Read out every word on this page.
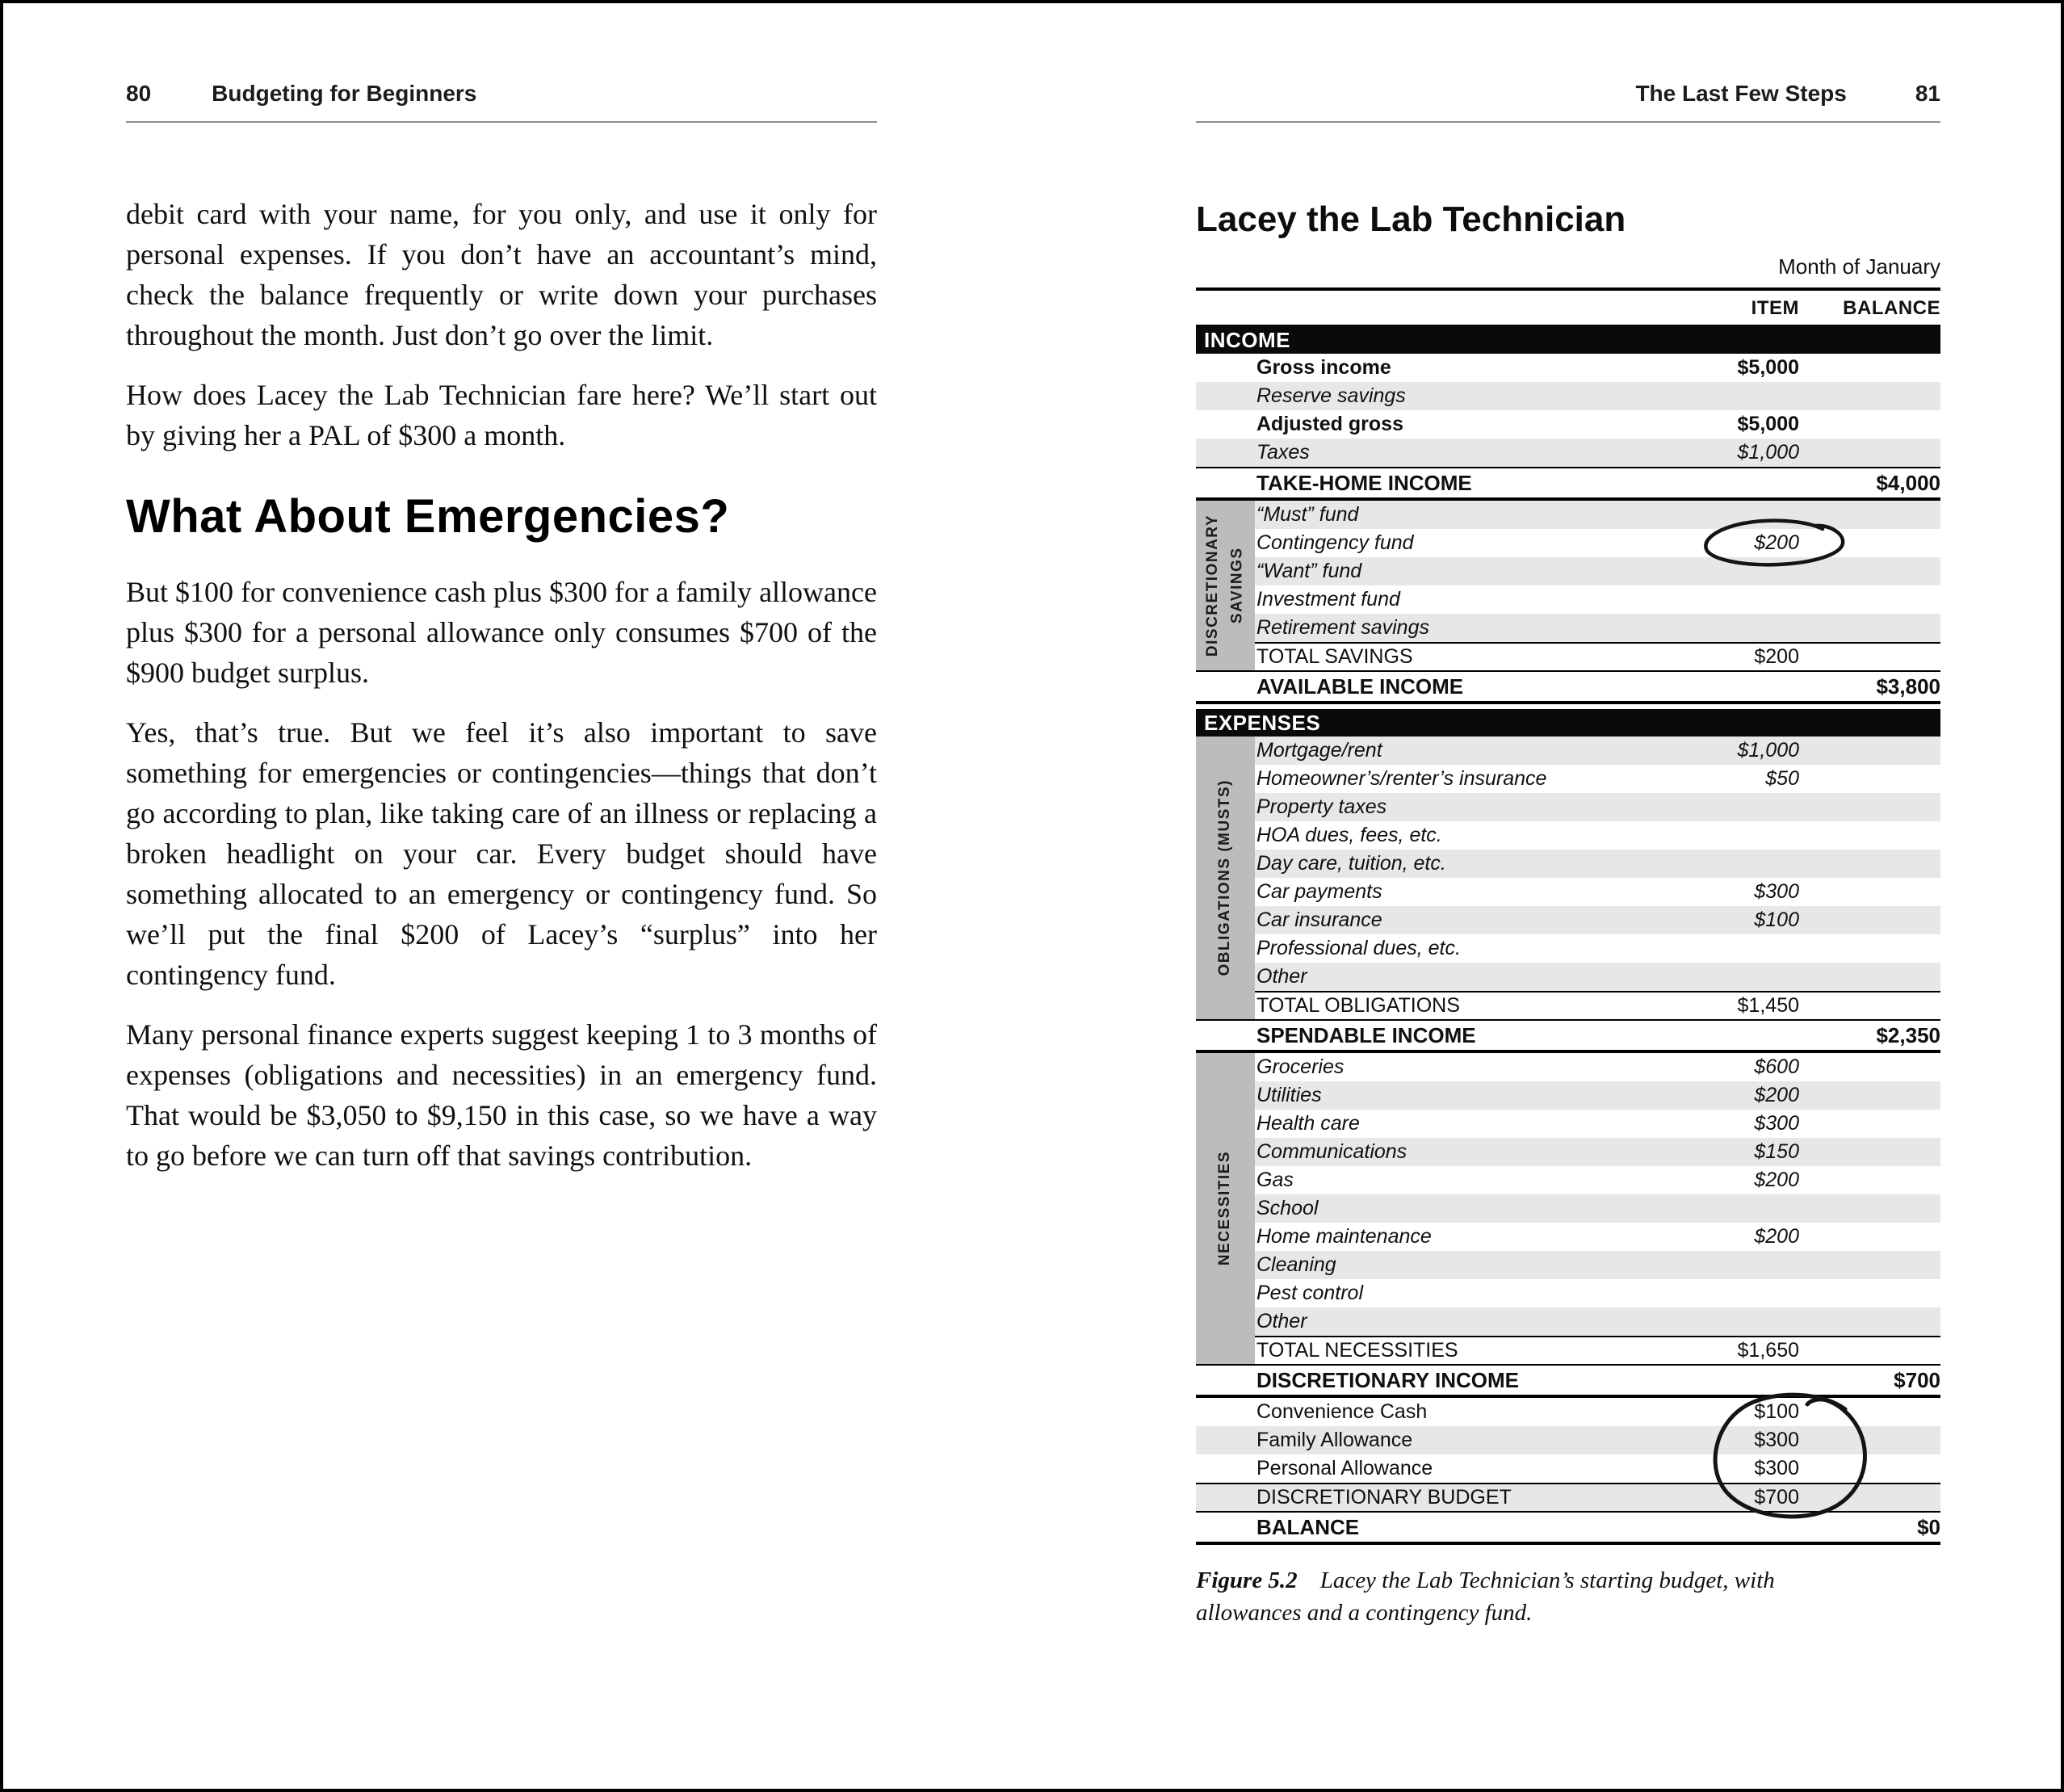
80	Budgeting for Beginners

debit card with your name, for you only, and use it only for personal expenses. If you don’t have an accountant’s mind, check the balance frequently or write down your purchases throughout the month. Just don’t go over the limit.

How does Lacey the Lab Technician fare here? We’ll start out by giving her a PAL of $300 a month.

What About Emergencies?

But $100 for convenience cash plus $300 for a family allowance plus $300 for a personal allowance only consumes $700 of the $900 budget surplus.

Yes, that’s true. But we feel it’s also important to save something for emergencies or contingencies—things that don’t go according to plan, like taking care of an illness or replacing a broken headlight on your car. Every budget should have something allocated to an emergency or contingency fund. So we’ll put the final $200 of Lacey’s “surplus” into her contingency fund.

Many personal finance experts suggest keeping 1 to 3 months of expenses (obligations and necessities) in an emergency fund. That would be $3,050 to $9,150 in this case, so we have a way to go before we can turn off that savings contribution.

The Last Few Steps	81
Lacey the Lab Technician
Month of January
ITEM	BALANCE
INCOME
Gross income	$5,000
Reserve savings
Adjusted gross	$5,000
Taxes	$1,000
TAKE-HOME INCOME	$4,000
DISCRETIONARY SAVINGS
“Must” fund
Contingency fund	$200
“Want” fund
Investment fund
Retirement savings
TOTAL SAVINGS	$200
AVAILABLE INCOME	$3,800
EXPENSES
OBLIGATIONS (MUSTS)
Mortgage/rent	$1,000
Homeowner’s/renter’s insurance	$50
Property taxes
HOA dues, fees, etc.
Day care, tuition, etc.
Car payments	$300
Car insurance	$100
Professional dues, etc.
Other
TOTAL OBLIGATIONS	$1,450
SPENDABLE INCOME	$2,350
NECESSITIES
Groceries	$600
Utilities	$200
Health care	$300
Communications	$150
Gas	$200
School
Home maintenance	$200
Cleaning
Pest control
Other
TOTAL NECESSITIES	$1,650
DISCRETIONARY INCOME	$700
Convenience Cash	$100
Family Allowance	$300
Personal Allowance	$300
DISCRETIONARY BUDGET	$700
BALANCE	$0
Figure 5.2 Lacey the Lab Technician’s starting budget, with allowances and a contingency fund.
